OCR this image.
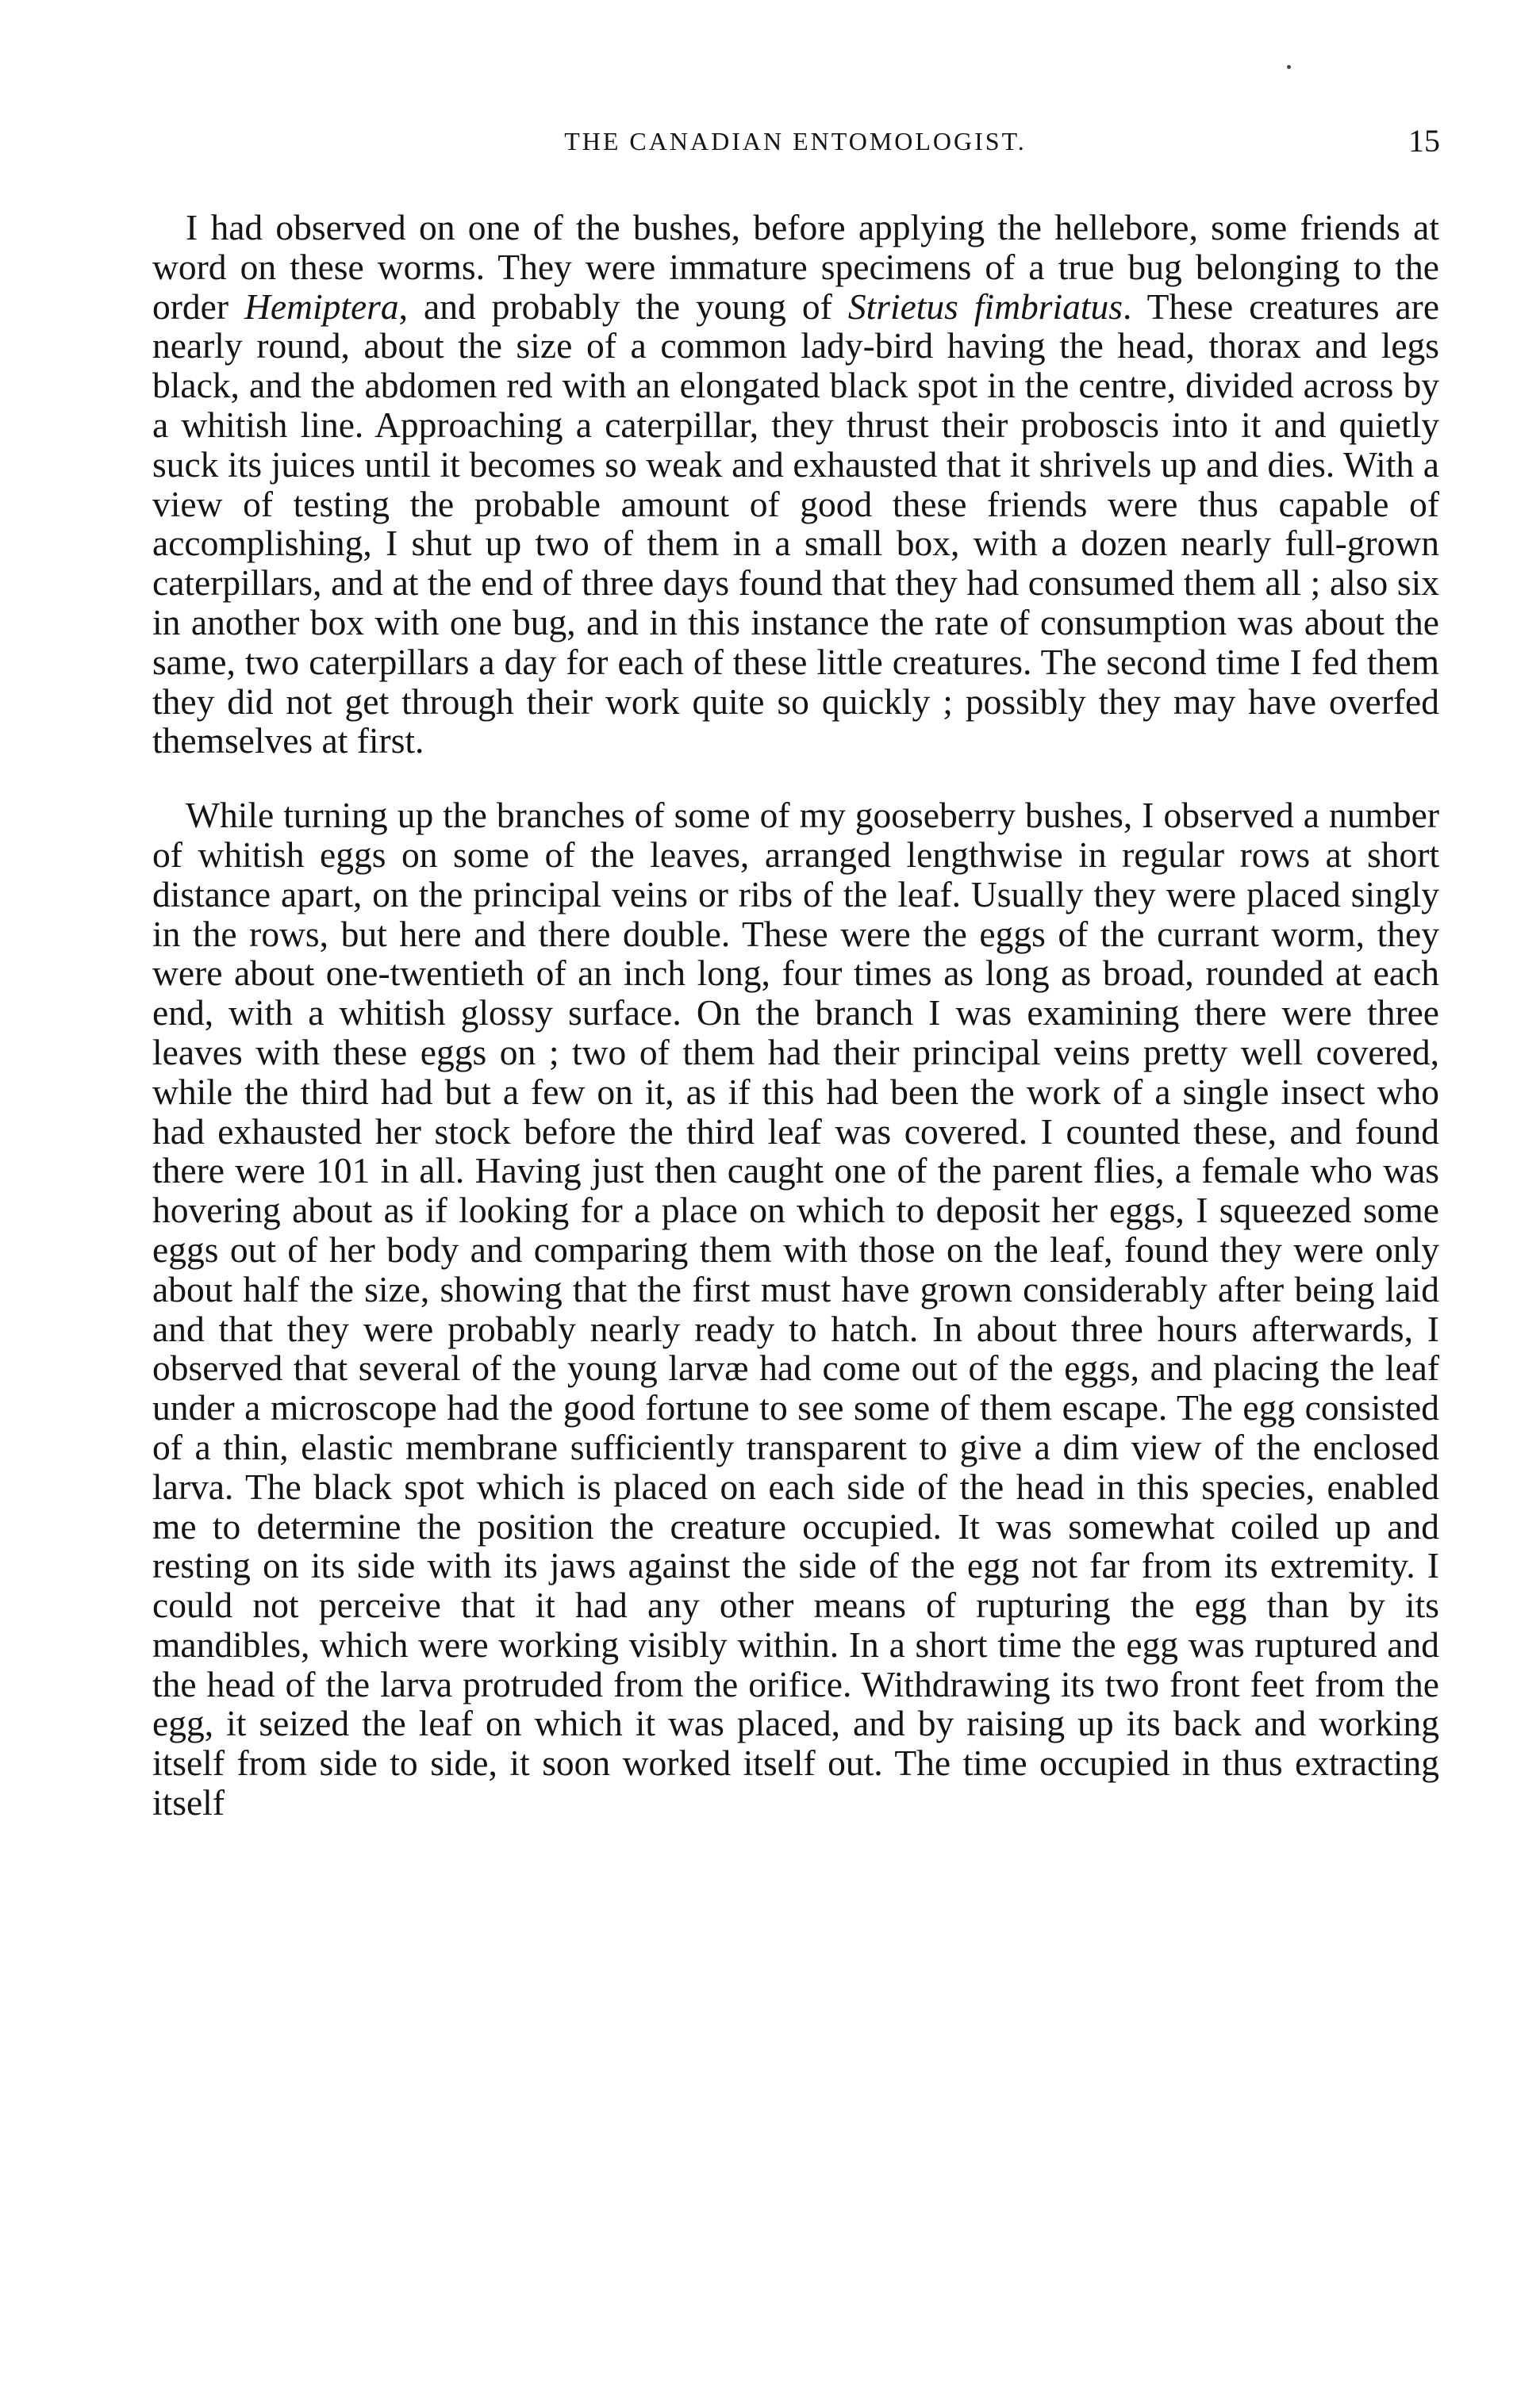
THE CANADIAN ENTOMOLOGIST.	15

I had observed on one of the bushes, before applying the hellebore, some friends at word on these worms. They were immature specimens of a true bug belonging to the order Hemiptera, and probably the young of Strietus fimbriatus. These creatures are nearly round, about the size of a common lady-bird having the head, thorax and legs black, and the abdomen red with an elongated black spot in the centre, divided across by a whitish line. Approaching a caterpillar, they thrust their proboscis into it and quietly suck its juices until it becomes so weak and exhausted that it shrivels up and dies. With a view of testing the probable amount of good these friends were thus capable of accomplishing, I shut up two of them in a small box, with a dozen nearly full-grown caterpillars, and at the end of three days found that they had consumed them all ; also six in another box with one bug, and in this instance the rate of consumption was about the same, two caterpillars a day for each of these little creatures. The second time I fed them they did not get through their work quite so quickly ; possibly they may have overfed themselves at first.

While turning up the branches of some of my gooseberry bushes, I observed a number of whitish eggs on some of the leaves, arranged lengthwise in regular rows at short distance apart, on the principal veins or ribs of the leaf. Usually they were placed singly in the rows, but here and there double. These were the eggs of the currant worm, they were about one-twentieth of an inch long, four times as long as broad, rounded at each end, with a whitish glossy surface. On the branch I was examining there were three leaves with these eggs on ; two of them had their principal veins pretty well covered, while the third had but a few on it, as if this had been the work of a single insect who had exhausted her stock before the third leaf was covered. I counted these, and found there were 101 in all. Having just then caught one of the parent flies, a female who was hovering about as if looking for a place on which to deposit her eggs, I squeezed some eggs out of her body and comparing them with those on the leaf, found they were only about half the size, showing that the first must have grown considerably after being laid and that they were probably nearly ready to hatch. In about three hours afterwards, I observed that several of the young larvæ had come out of the eggs, and placing the leaf under a microscope had the good fortune to see some of them escape. The egg consisted of a thin, elastic membrane sufficiently transparent to give a dim view of the enclosed larva. The black spot which is placed on each side of the head in this species, enabled me to determine the position the creature occupied. It was somewhat coiled up and resting on its side with its jaws against the side of the egg not far from its extremity. I could not perceive that it had any other means of rupturing the egg than by its mandibles, which were working visibly within. In a short time the egg was ruptured and the head of the larva protruded from the orifice. Withdrawing its two front feet from the egg, it seized the leaf on which it was placed, and by raising up its back and working itself from side to side, it soon worked itself out. The time occupied in thus extracting itself
